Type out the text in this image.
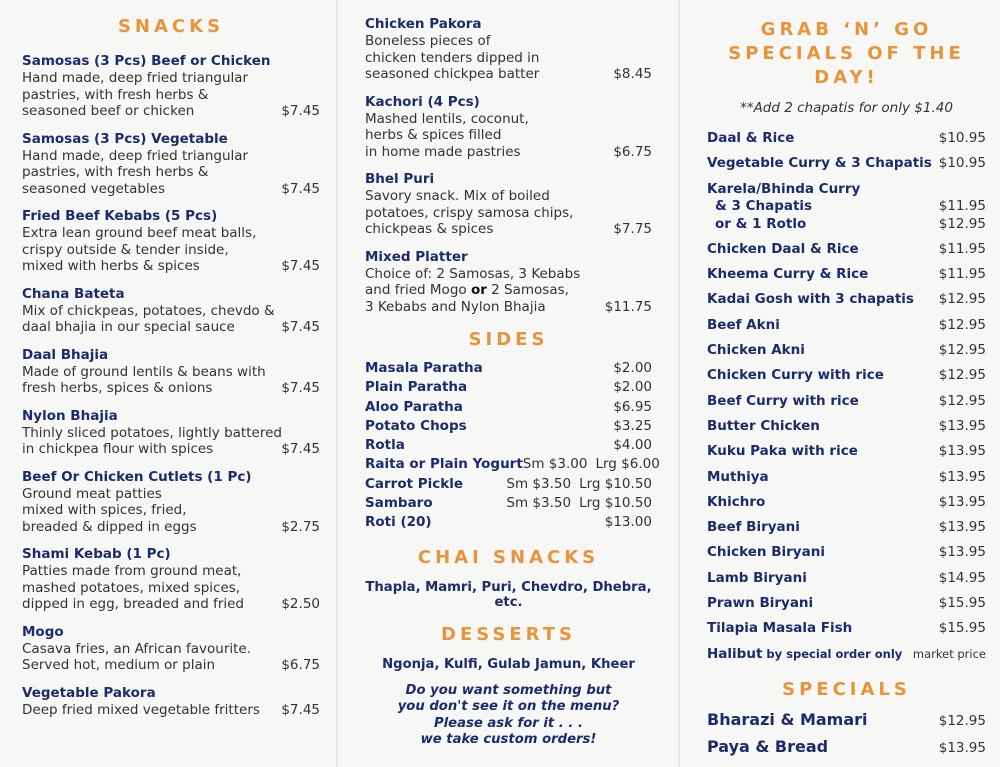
SNACKS
Samosas (3 Pcs) Beef or Chicken
Hand made, deep fried triangular
pastries, with fresh herbs &
seasoned beef or chicken	$7.45
Samosas (3 Pcs) Vegetable
Hand made, deep fried triangular
pastries, with fresh herbs &
seasoned vegetables	$7.45
Fried Beef Kebabs (5 Pcs)
Extra lean ground beef meat balls,
crispy outside & tender inside,
mixed with herbs & spices	$7.45
Chana Bateta
Mix of chickpeas, potatoes, chevdo &
daal bhajia in our special sauce	$7.45
Daal Bhajia
Made of ground lentils & beans with
fresh herbs, spices & onions	$7.45
Nylon Bhajia
Thinly sliced potatoes, lightly battered
in chickpea flour with spices	$7.45
Beef Or Chicken Cutlets (1 Pc)
Ground meat patties
mixed with spices, fried,
breaded & dipped in eggs	$2.75
Shami Kebab (1 Pc)
Patties made from ground meat,
mashed potatoes, mixed spices,
dipped in egg, breaded and fried	$2.50
Mogo
Casava fries, an African favourite.
Served hot, medium or plain	$6.75
Vegetable Pakora
Deep fried mixed vegetable fritters	$7.45
Chicken Pakora
Boneless pieces of
chicken tenders dipped in
seasoned chickpea batter	$8.45
Kachori (4 Pcs)
Mashed lentils, coconut,
herbs & spices filled
in home made pastries	$6.75
Bhel Puri
Savory snack. Mix of boiled
potatoes, crispy samosa chips,
chickpeas & spices	$7.75
Mixed Platter
Choice of: 2 Samosas, 3 Kebabs
and fried Mogo or 2 Samosas,
3 Kebabs and Nylon Bhajia	$11.75
SIDES
Masala Paratha	$2.00
Plain Paratha	$2.00
Aloo Paratha	$6.95
Potato Chops	$3.25
Rotla	$4.00
Raita or Plain Yogurt Sm $3.00 Lrg $6.00
Carrot Pickle	Sm $3.50 Lrg $10.50
Sambaro	Sm $3.50 Lrg $10.50
Roti (20)	$13.00
CHAI SNACKS
Thapla, Mamri, Puri, Chevdro, Dhebra, etc.
DESSERTS
Ngonja, Kulfi, Gulab Jamun, Kheer
Do you want something but
you don't see it on the menu?
Please ask for it . . .
we take custom orders!
GRAB ‘N’ GO
SPECIALS OF THE DAY!
**Add 2 chapatis for only $1.40
Daal & Rice	$10.95
Vegetable Curry & 3 Chapatis $10.95
Karela/Bhinda Curry
& 3 Chapatis	$11.95
or & 1 Rotlo	$12.95
Chicken Daal & Rice	$11.95
Kheema Curry & Rice	$11.95
Kadai Gosh with 3 chapatis $12.95
Beef Akni	$12.95
Chicken Akni	$12.95
Chicken Curry with rice	$12.95
Beef Curry with rice	$12.95
Butter Chicken	$13.95
Kuku Paka with rice	$13.95
Muthiya	$13.95
Khichro	$13.95
Beef Biryani	$13.95
Chicken Biryani	$13.95
Lamb Biryani	$14.95
Prawn Biryani	$15.95
Tilapia Masala Fish	$15.95
Halibut by special order only market price
SPECIALS
Bharazi & Mamari	$12.95
Paya & Bread	$13.95
